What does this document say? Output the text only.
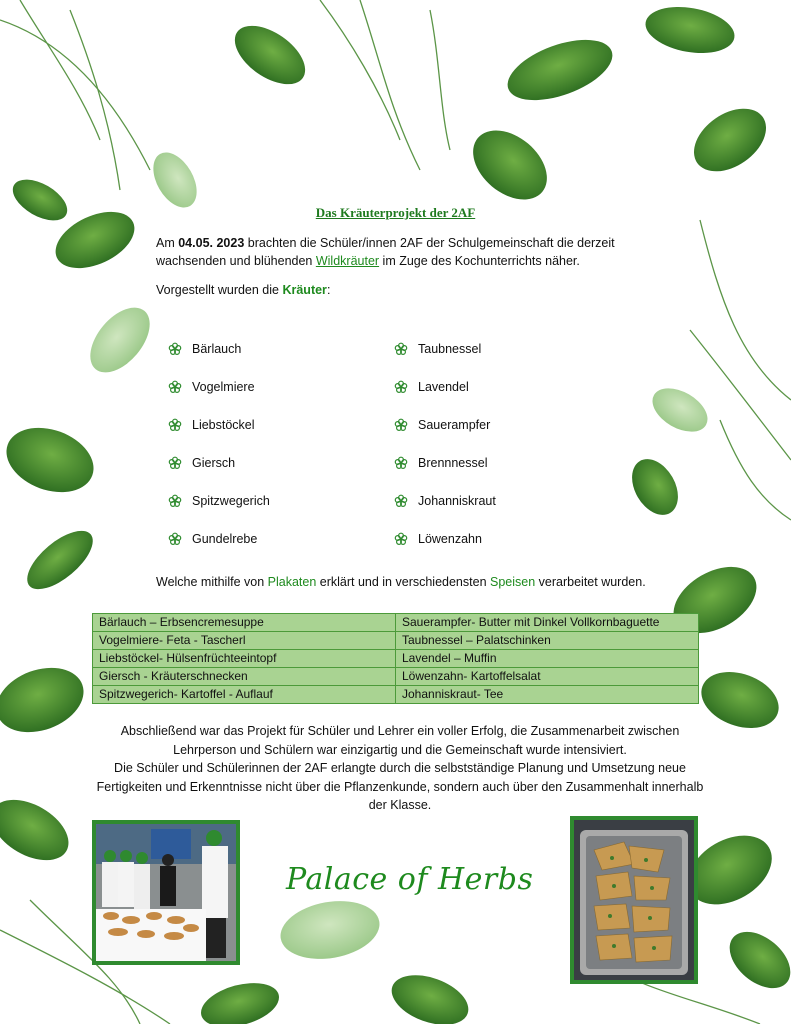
Das Kräuterprojekt der 2AF
Am 04.05. 2023 brachten die Schüler/innen 2AF der Schulgemeinschaft die derzeit wachsenden und blühenden Wildkräuter im Zuge des Kochunterrichts näher.
Vorgestellt wurden die Kräuter:
Bärlauch
Vogelmiere
Liebstöckel
Giersch
Spitzwegerich
Gundelrebe
Taubnessel
Lavendel
Sauerampfer
Brennnessel
Johanniskraut
Löwenzahn
Welche mithilfe von Plakaten erklärt und in verschiedensten Speisen verarbeitet wurden.
Bärlauch – Erbsencremesuppe	Sauerampfer- Butter mit Dinkel Vollkornbaguette
Vogelmiere- Feta - Tascherl	Taubnessel – Palatschinken
Liebstöckel- Hülsenfrüchteeintopf	Lavendel – Muffin
Giersch - Kräuterschnecken	Löwenzahn- Kartoffelsalat
Spitzwegerich- Kartoffel - Auflauf	Johanniskraut- Tee
Abschließend war das Projekt für Schüler und Lehrer ein voller Erfolg, die Zusammenarbeit zwischen Lehrperson und Schülern war einzigartig und die Gemeinschaft wurde intensiviert.
Die Schüler und Schülerinnen der 2AF erlangte durch die selbstständige Planung und Umsetzung neue Fertigkeiten und Erkenntnisse nicht über die Pflanzenkunde, sondern auch über den Zusammenhalt innerhalb der Klasse.
Palace of Herbs
